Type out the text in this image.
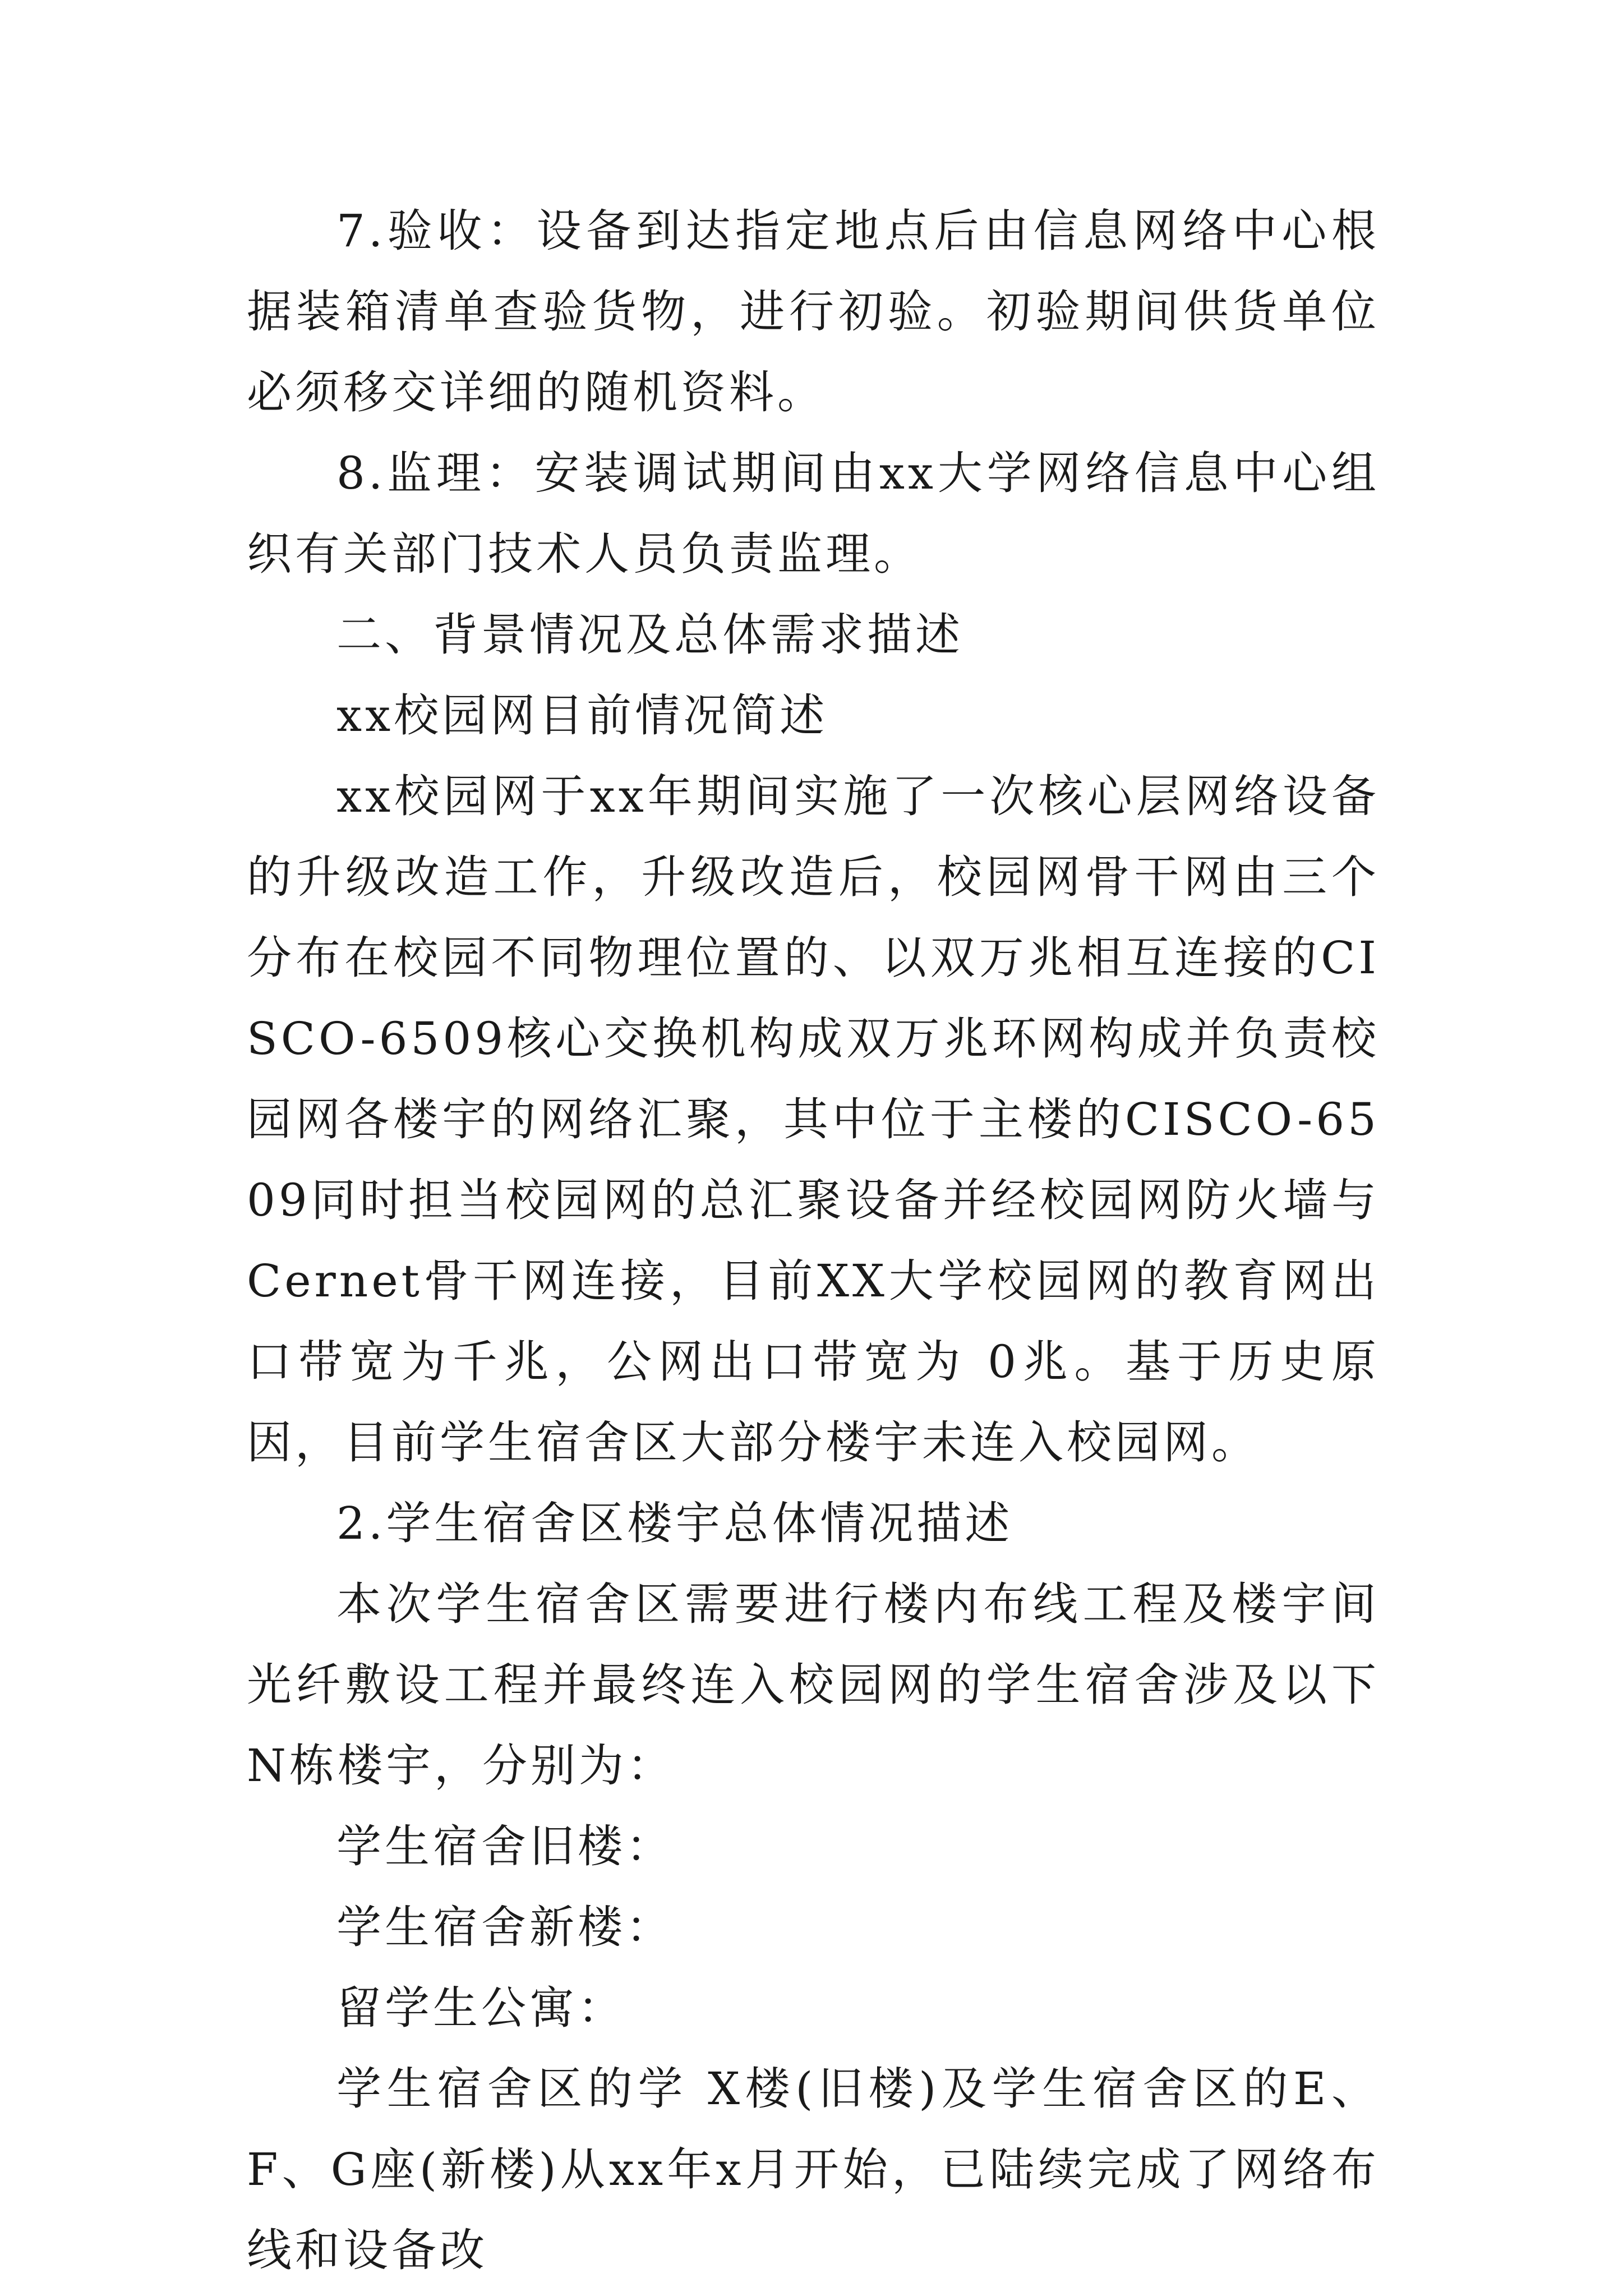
7.验收：设备到达指定地点后由信息网络中心根据装箱清单查验货物，进行初验。初验期间供货单位必须移交详细的随机资料。

8.监理：安装调试期间由xx大学网络信息中心组织有关部门技术人员负责监理。

二、背景情况及总体需求描述

xx校园网目前情况简述

xx校园网于xx年期间实施了一次核心层网络设备的升级改造工作，升级改造后，校园网骨干网由三个分布在校园不同物理位置的、以双万兆相互连接的CISCO-6509核心交换机构成双万兆环网构成并负责校园网各楼宇的网络汇聚，其中位于主楼的CISCO-6509同时担当校园网的总汇聚设备并经校园网防火墙与Cernet骨干网连接，目前XX大学校园网的教育网出口带宽为千兆，公网出口带宽为 0兆。基于历史原因，目前学生宿舍区大部分楼宇未连入校园网。

2.学生宿舍区楼宇总体情况描述

本次学生宿舍区需要进行楼内布线工程及楼宇间光纤敷设工程并最终连入校园网的学生宿舍涉及以下N栋楼宇，分别为：

学生宿舍旧楼：

学生宿舍新楼：

留学生公寓：

学生宿舍区的学 X楼(旧楼)及学生宿舍区的E、F、G座(新楼)从xx年x月开始，已陆续完成了网络布线和设备改
